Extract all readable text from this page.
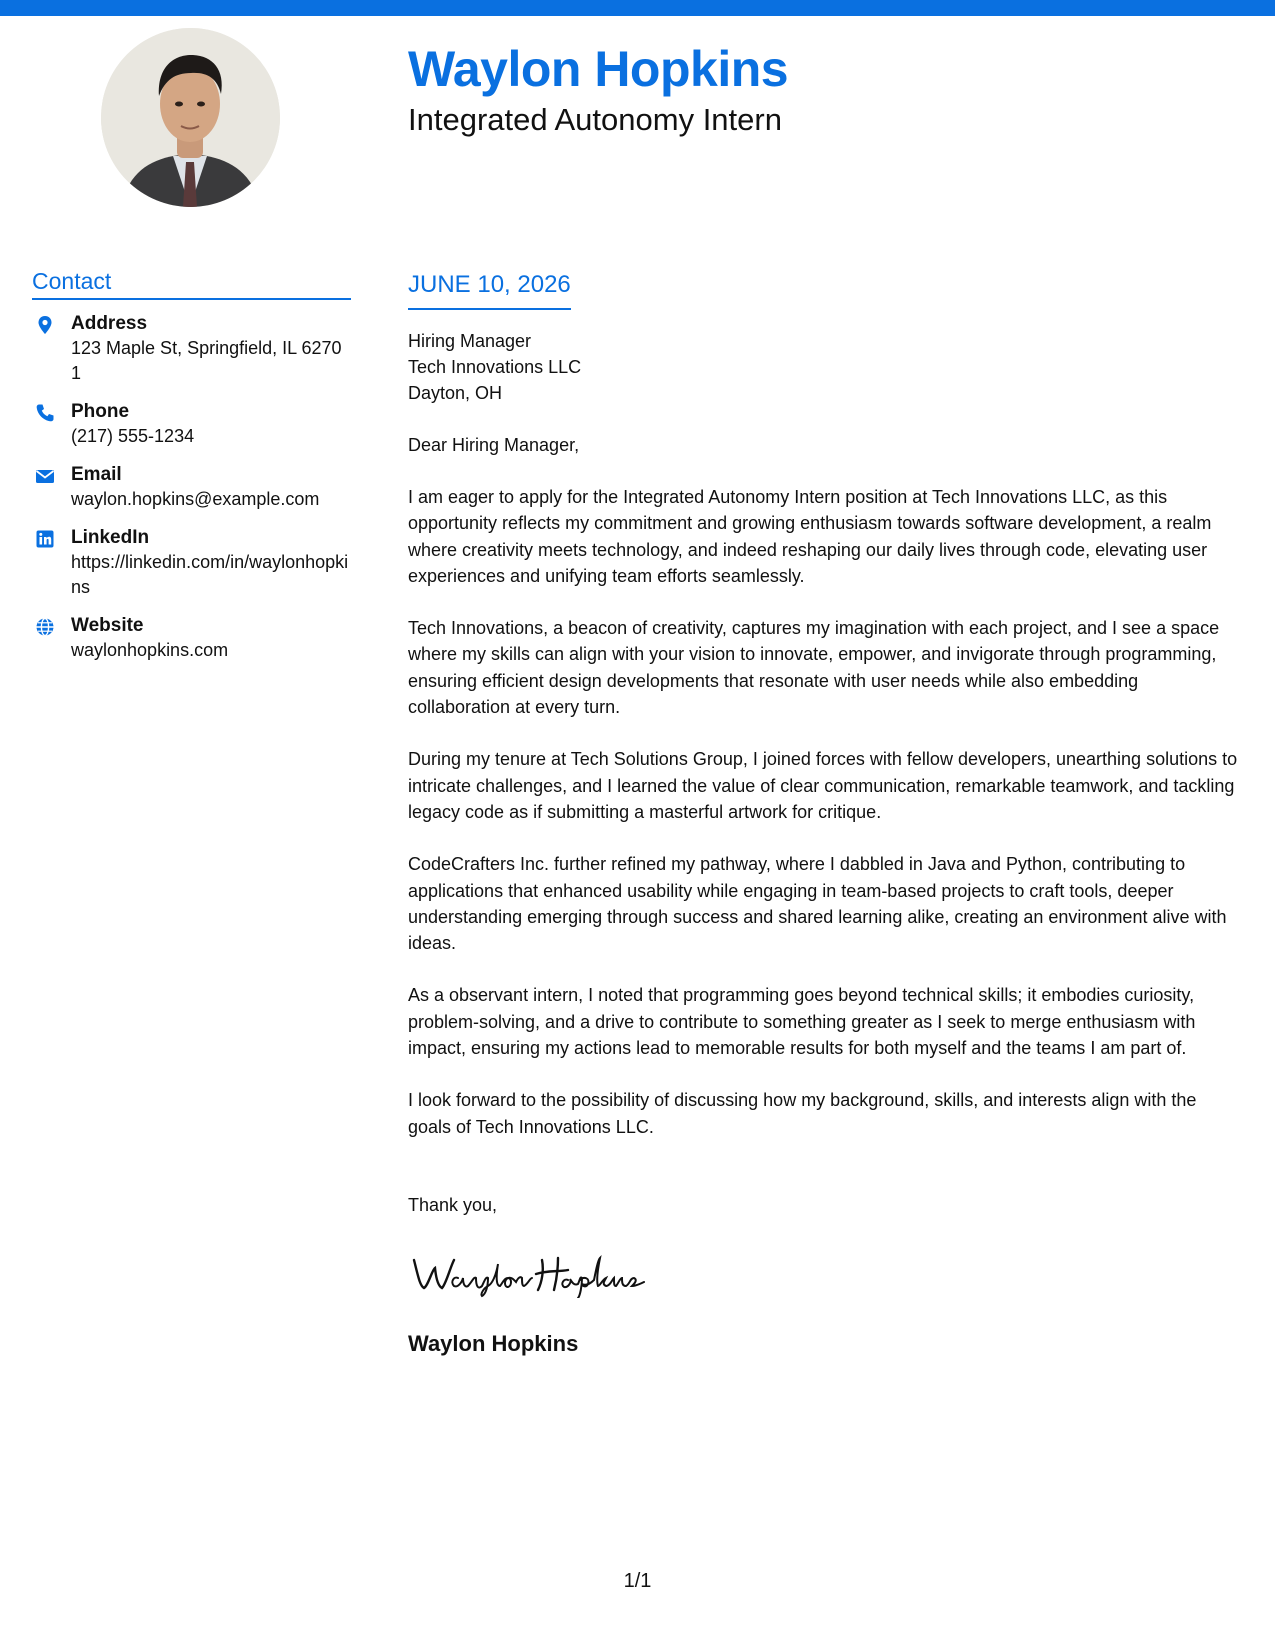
Waylon Hopkins
Integrated Autonomy Intern
Contact
Address
123 Maple St, Springfield, IL 62701
Phone
(217) 555-1234
Email
waylon.hopkins@example.com
LinkedIn
https://linkedin.com/in/waylonhopkins
Website
waylonhopkins.com
JUNE 10, 2026
Hiring Manager
Tech Innovations LLC
Dayton, OH
Dear Hiring Manager,
I am eager to apply for the Integrated Autonomy Intern position at Tech Innovations LLC, as this opportunity reflects my commitment and growing enthusiasm towards software development, a realm where creativity meets technology, and indeed reshaping our daily lives through code, elevating user experiences and unifying team efforts seamlessly.
Tech Innovations, a beacon of creativity, captures my imagination with each project, and I see a space where my skills can align with your vision to innovate, empower, and invigorate through programming, ensuring efficient design developments that resonate with user needs while also embedding collaboration at every turn.
During my tenure at Tech Solutions Group, I joined forces with fellow developers, unearthing solutions to intricate challenges, and I learned the value of clear communication, remarkable teamwork, and tackling legacy code as if submitting a masterful artwork for critique.
CodeCrafters Inc. further refined my pathway, where I dabbled in Java and Python, contributing to applications that enhanced usability while engaging in team-based projects to craft tools, deeper understanding emerging through success and shared learning alike, creating an environment alive with ideas.
As a observant intern, I noted that programming goes beyond technical skills; it embodies curiosity, problem-solving, and a drive to contribute to something greater as I seek to merge enthusiasm with impact, ensuring my actions lead to memorable results for both myself and the teams I am part of.
I look forward to the possibility of discussing how my background, skills, and interests align with the goals of Tech Innovations LLC.
Thank you,
Waylon Hopkins
1/1
